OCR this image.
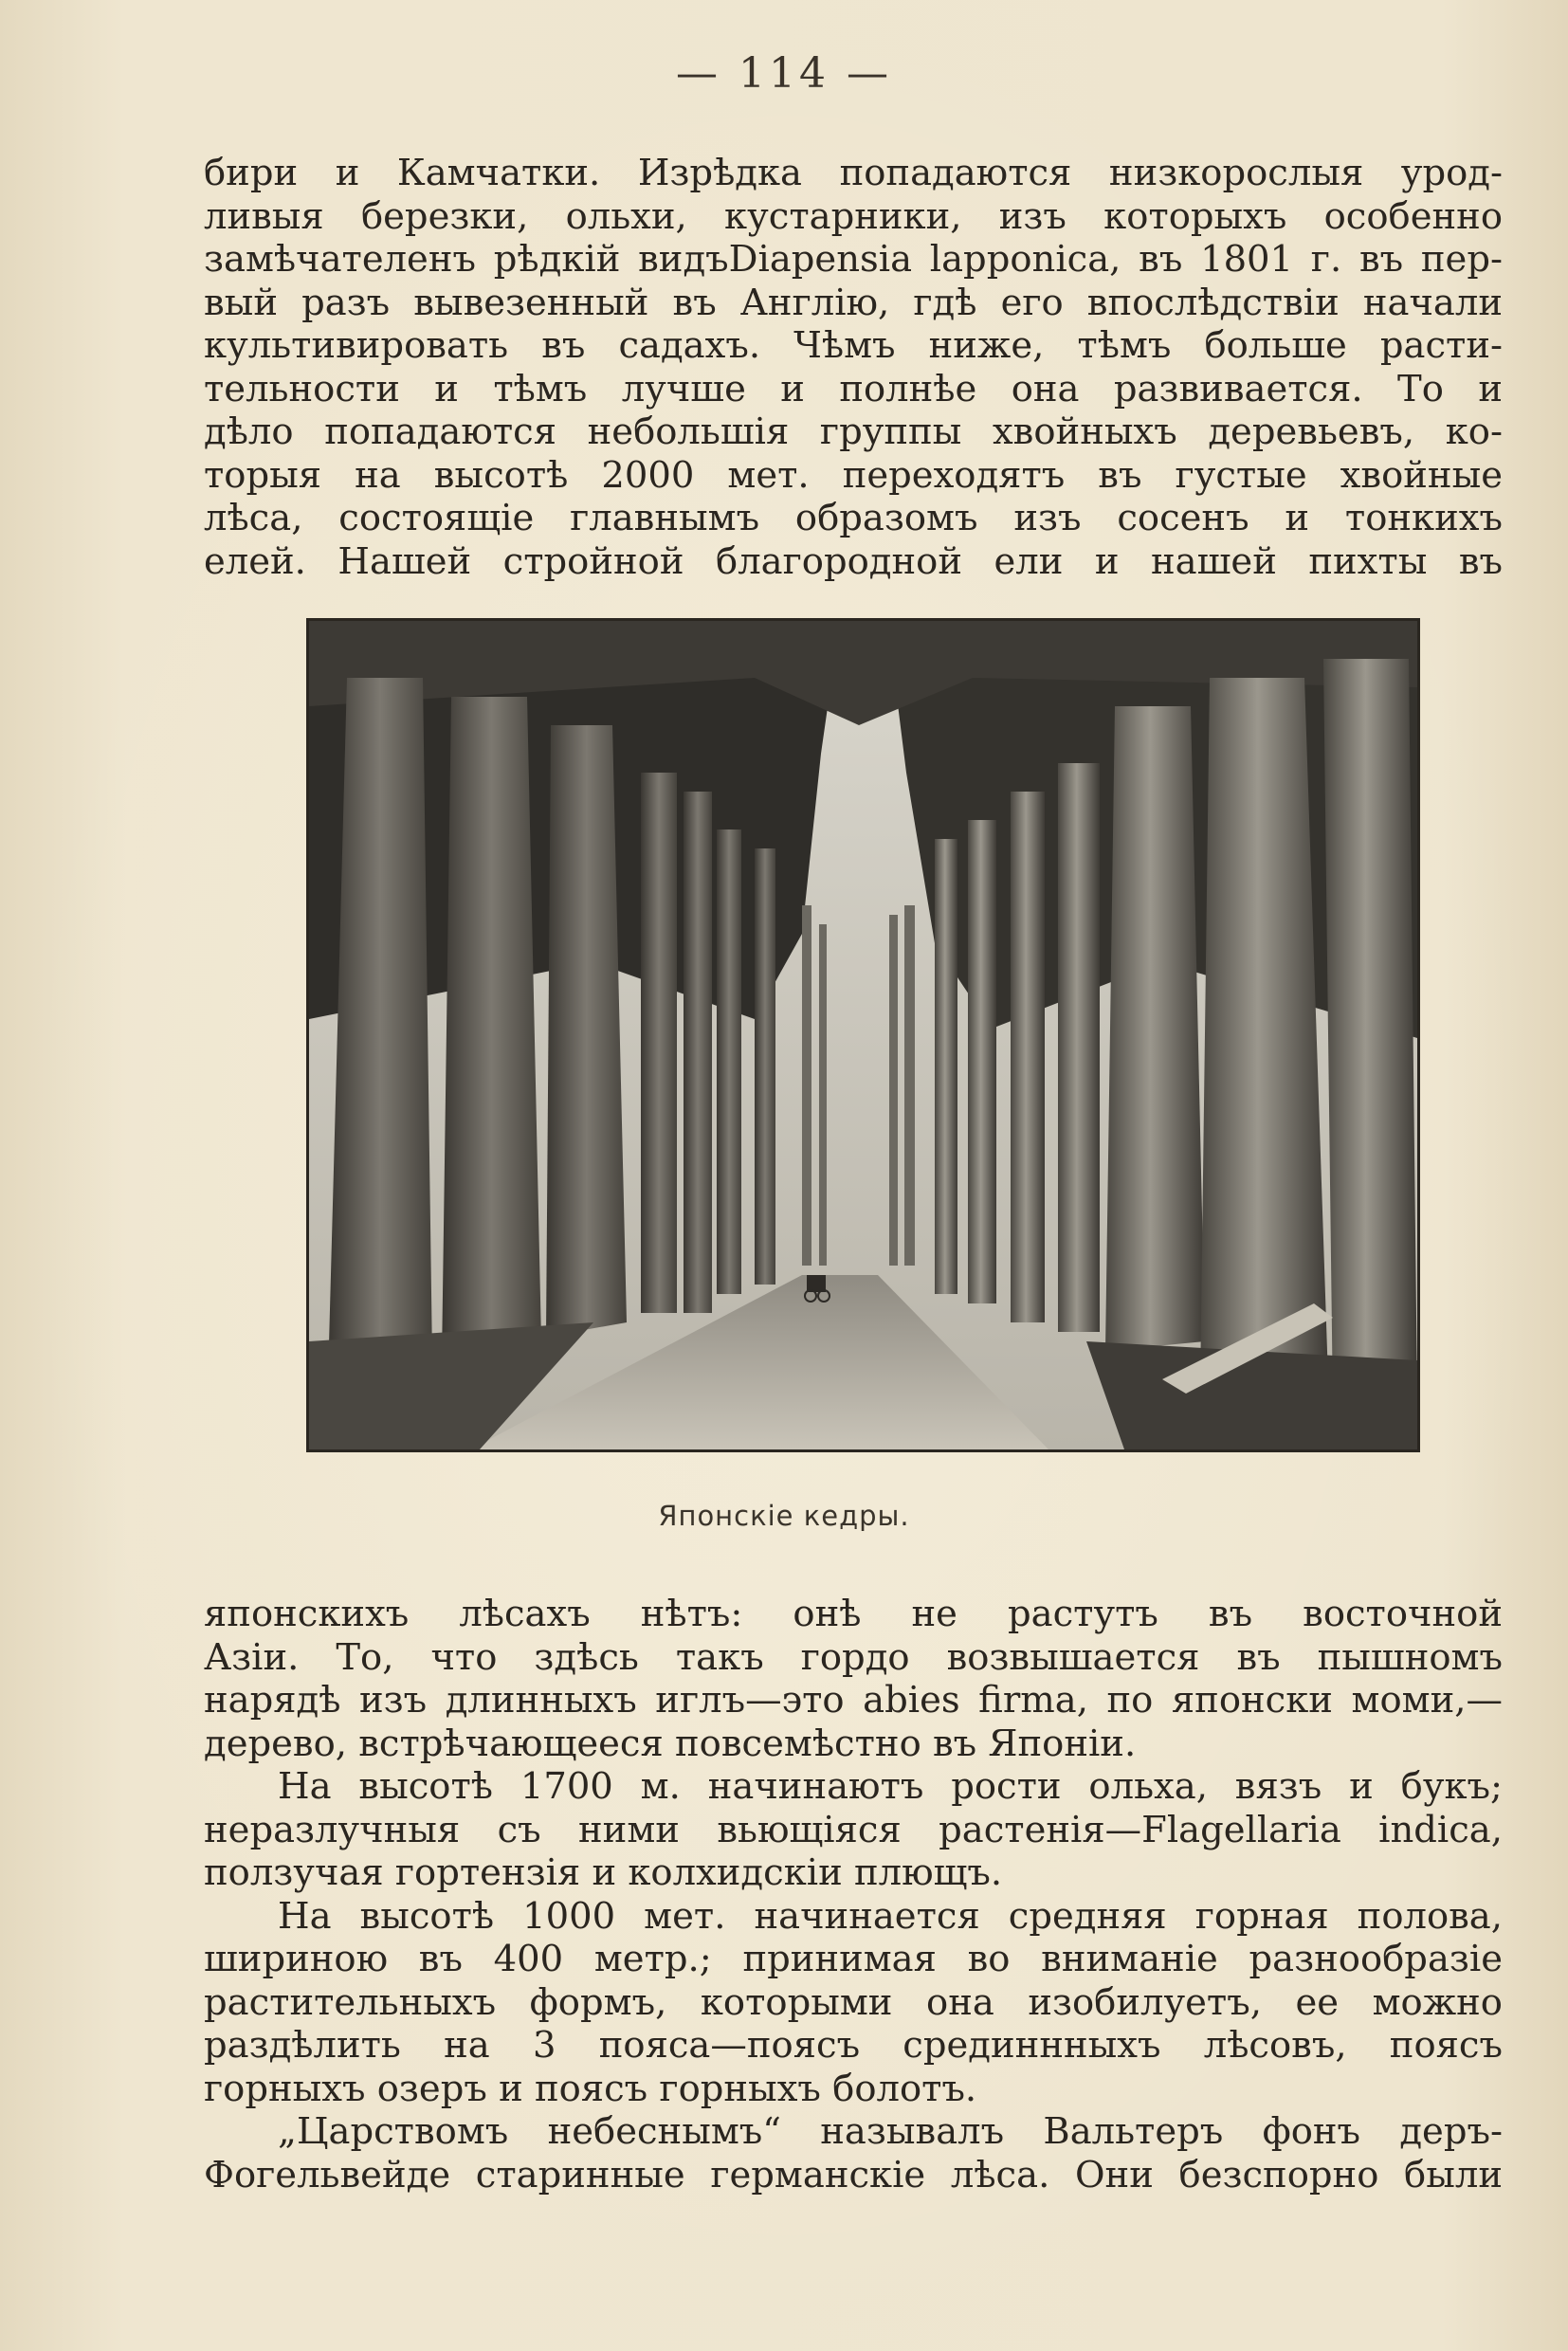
— 114 —
бири и Камчатки. Изрѣдка попадаются низкорослыя урод-
ливыя березки, ольхи, кустарники, изъ которыхъ особенно
замѣчателенъ рѣдкій видъDiapensia lapponica, въ 1801 г. въ пер-
вый разъ вывезенный въ Англію, гдѣ его впослѣдствіи начали
культивировать въ садахъ. Чѣмъ ниже, тѣмъ больше расти-
тельности и тѣмъ лучше и полнѣе она развивается. То и
дѣло попадаются небольшія группы хвойныхъ деревьевъ, ко-
торыя на высотѣ 2000 мет. переходятъ въ густые хвойные
лѣса, состоящіе главнымъ образомъ изъ сосенъ и тонкихъ
елей. Нашей стройной благородной ели и нашей пихты въ
Японскіе кедры.
японскихъ лѣсахъ нѣтъ: онѣ не растутъ въ восточной
Азіи. То, что здѣсь такъ гордо возвышается въ пышномъ
нарядѣ изъ длинныхъ иглъ—это abies firma, по японски моми,—
дерево, встрѣчающееся повсемѣстно въ Японіи.
На высотѣ 1700 м. начинаютъ рости ольха, вязъ и букъ;
неразлучныя съ ними вьющіяся растенія—Flagellaria indica,
ползучая гортензія и колхидскіи плющъ.
На высотѣ 1000 мет. начинается средняя горная полова,
шириною въ 400 метр.; принимая во вниманіе разнообразіе
растительныхъ формъ, которыми она изобилуетъ, ее можно
раздѣлить на 3 пояса—поясъ срединнныхъ лѣсовъ, поясъ
горныхъ озеръ и поясъ горныхъ болотъ.
„Царствомъ небеснымъ“ называлъ Вальтеръ фонъ деръ-
Фогельвейде старинные германскіе лѣса. Они безспорно были
